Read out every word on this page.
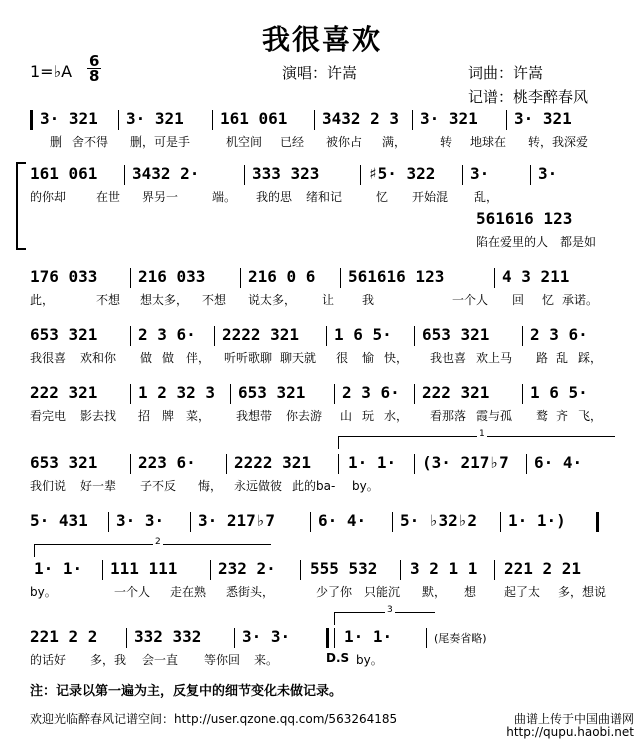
我很喜欢
1=♭A
6
8	演唱：许嵩	词曲：许嵩
记谱：桃李醉春风
3· 321 3· 321 161 061 3432 2 3 3· 321 3· 321
删 舍不得 删，可是手	机空间 已经 被你占 满，	转 地球在 转，我深爱
161 061 3432 2·	333 323	♯5· 322 3·	3·
的你却 在世 界另一	端。 我的思 绪和记	忆 开始混 乱，
561616 123
陷在爱里的人 都是如
176 033	216 033	216 0 6 561616 123	4 3 211
此，	不想 想太多， 不想 说太多， 让 我	一个人 回 忆 承诺。
653 321	2 3 6· 2222 321 1 6 5· 653 321	2 3 6·
我很喜 欢和你 做 做 伴， 听听歌聊 聊天就 很 愉 快， 我也喜 欢上马 路 乱 踩，
222 321	1 2 32 3 653 321 2 3 6· 222 321	1 6 5·
看完电 影去找 招 牌 菜， 我想带 你去游 山 玩 水， 看那落 霞与孤 鹜 齐 飞，
1
653 321	223 6· 2222 321 1· 1· (3· 217♭7 6· 4·
我们说 好一辈 子不反 悔， 永远做彼 此的ba- by。
5· 431 3· 3· 3· 217♭7	6· 4· 5· ♭32♭2 1· 1·)
2
1· 1· 111 111	232 2· 555 532 3 2 1 1 221 2 21
by。	一个人 走在熟 悉街头，	少了你 只能沉 默， 想 起了太 多，想说
3
221 2 2 332 332	3· 3·	1· 1·	(尾奏省略)
的话好 多，我 会一直 等你回 来。	D.S by。
注：记录以第一遍为主，反复中的细节变化未做记录。
欢迎光临醉春风记谱空间：http://user.qzone.qq.com/563264185	曲谱上传于中国曲谱网
http://qupu.haobi.net
